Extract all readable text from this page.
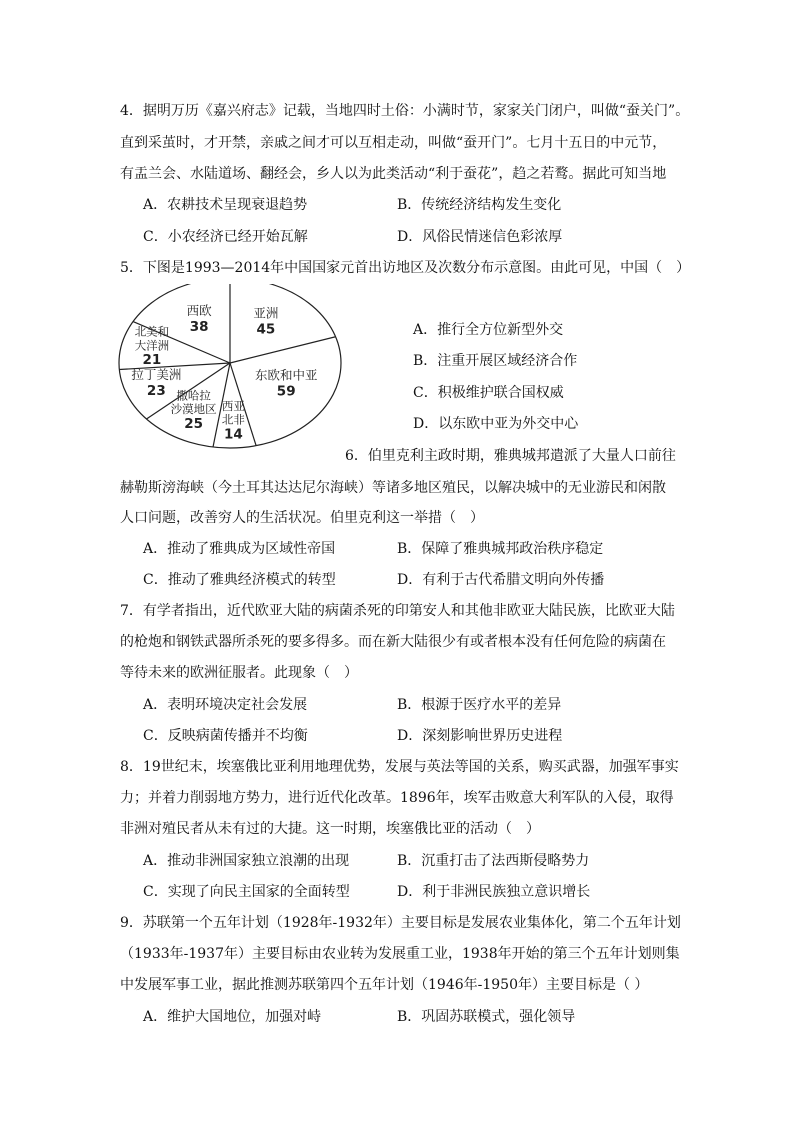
4．据明万历《嘉兴府志》记载，当地四时土俗：小满时节，家家关门闭户，叫做“蚕关门”。
直到采茧时，才开禁，亲戚之间才可以互相走动，叫做“蚕开门”。七月十五日的中元节，
有盂兰会、水陆道场、翻经会，乡人以为此类活动“利于蚕花”，趋之若鹜。据此可知当地
A．农耕技术呈现衰退趋势	B．传统经济结构发生变化
C．小农经济已经开始瓦解	D．风俗民情迷信色彩浓厚
5．下图是1993—2014年中国国家元首出访地区及次数分布示意图。由此可见，中国（　）
亚洲
45
东欧和中亚
59
西亚
北非
14
撒哈拉
沙漠地区
25
拉丁美洲
23
北美和
大洋洲
21
西欧
38	A．推行全方位新型外交
B．注重开展区域经济合作
C．积极维护联合国权威
D．以东欧中亚为外交中心
6．伯里克利主政时期，雅典城邦遣派了大量人口前往
赫勒斯滂海峡（今土耳其达达尼尔海峡）等诸多地区殖民，以解决城中的无业游民和闲散
人口问题，改善穷人的生活状况。伯里克利这一举措（　）
A．推动了雅典成为区域性帝国	B．保障了雅典城邦政治秩序稳定
C．推动了雅典经济模式的转型	D．有利于古代希腊文明向外传播
7．有学者指出，近代欧亚大陆的病菌杀死的印第安人和其他非欧亚大陆民族，比欧亚大陆
的枪炮和钢铁武器所杀死的要多得多。而在新大陆很少有或者根本没有任何危险的病菌在
等待未来的欧洲征服者。此现象（　）
A．表明环境决定社会发展	B．根源于医疗水平的差异
C．反映病菌传播并不均衡	D．深刻影响世界历史进程
8．19世纪末，埃塞俄比亚利用地理优势，发展与英法等国的关系，购买武器，加强军事实
力；并着力削弱地方势力，进行近代化改革。1896年，埃军击败意大利军队的入侵，取得
非洲对殖民者从未有过的大捷。这一时期，埃塞俄比亚的活动（　）
A．推动非洲国家独立浪潮的出现	B．沉重打击了法西斯侵略势力
C．实现了向民主国家的全面转型	D．利于非洲民族独立意识增长
9．苏联第一个五年计划（1928年-1932年）主要目标是发展农业集体化，第二个五年计划
（1933年-1937年）主要目标由农业转为发展重工业，1938年开始的第三个五年计划则集
中发展军事工业，据此推测苏联第四个五年计划（1946年-1950年）主要目标是（ ）
A．维护大国地位，加强对峙	B．巩固苏联模式，强化领导
